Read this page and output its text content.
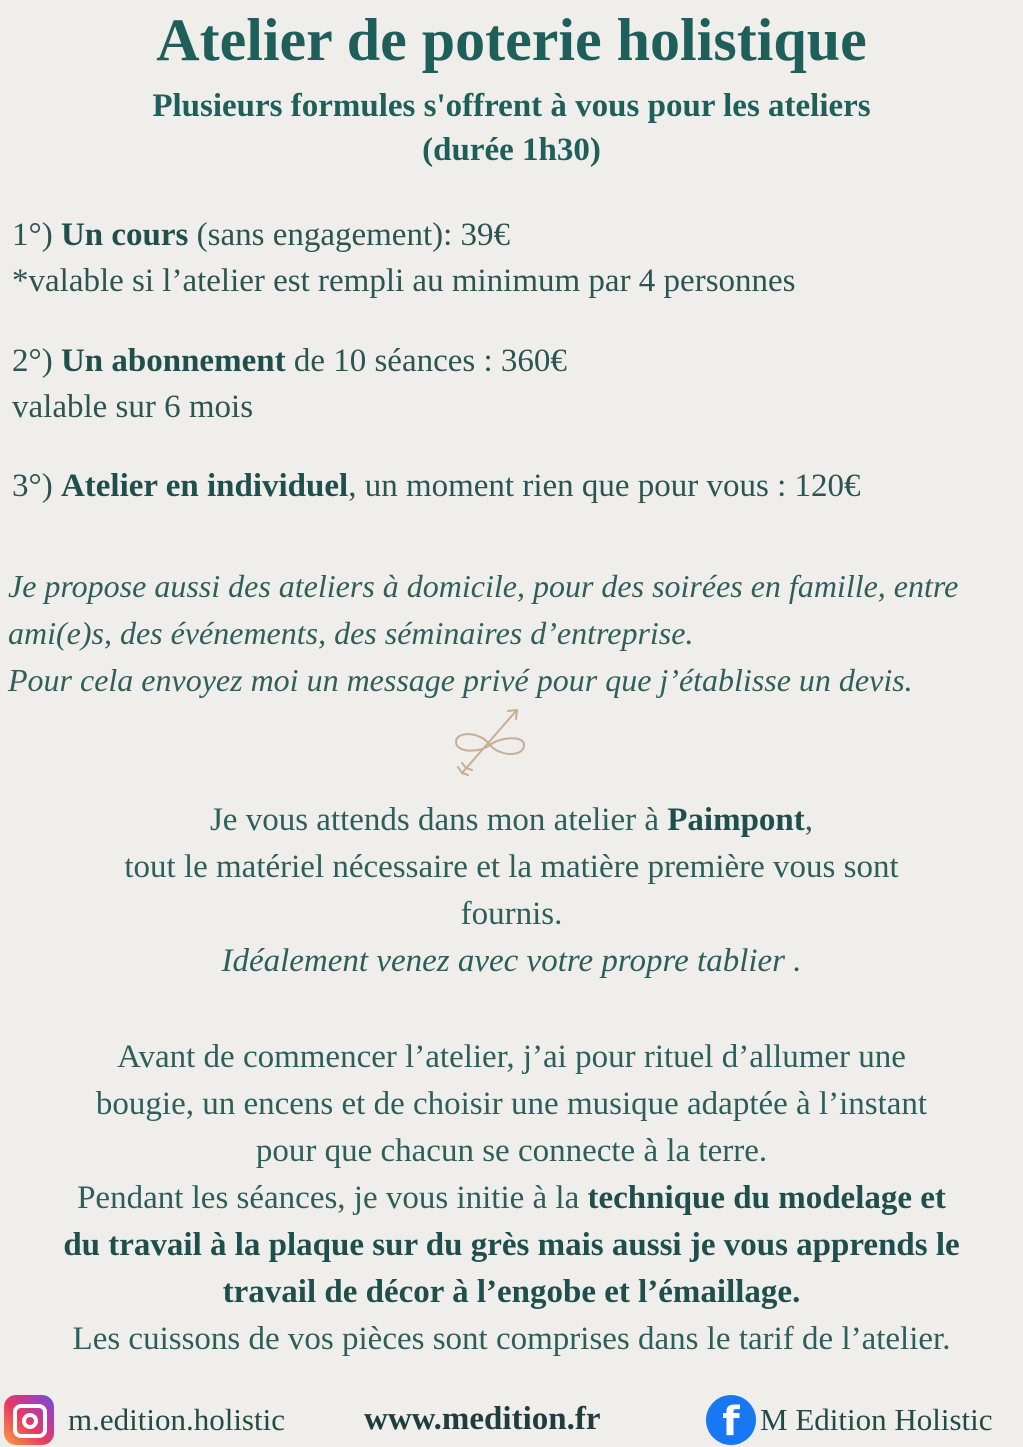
Atelier de poterie holistique
Plusieurs formules s'offrent à vous pour les ateliers
(durée 1h30)
1°) Un cours (sans engagement): 39€
*valable si l’atelier est rempli au minimum par 4 personnes
2°) Un abonnement de 10 séances : 360€
valable sur 6 mois
3°) Atelier en individuel, un moment rien que pour vous : 120€
Je propose aussi des ateliers à domicile, pour des soirées en famille, entre
ami(e)s, des événements, des séminaires d’entreprise.
Pour cela envoyez moi un message privé pour que j’établisse un devis.
Je vous attends dans mon atelier à Paimpont,
tout le matériel nécessaire et la matière première vous sont
fournis.
Idéalement venez avec votre propre tablier .
Avant de commencer l’atelier, j’ai pour rituel d’allumer une
bougie, un encens et de choisir une musique adaptée à l’instant
pour que chacun se connecte à la terre.
Pendant les séances, je vous initie à la technique du modelage et
du travail à la plaque sur du grès mais aussi je vous apprends le
travail de décor à l’engobe et l’émaillage.
Les cuissons de vos pièces sont comprises dans le tarif de l’atelier.
m.edition.holistic www.medition.fr	f M Edition Holistic
